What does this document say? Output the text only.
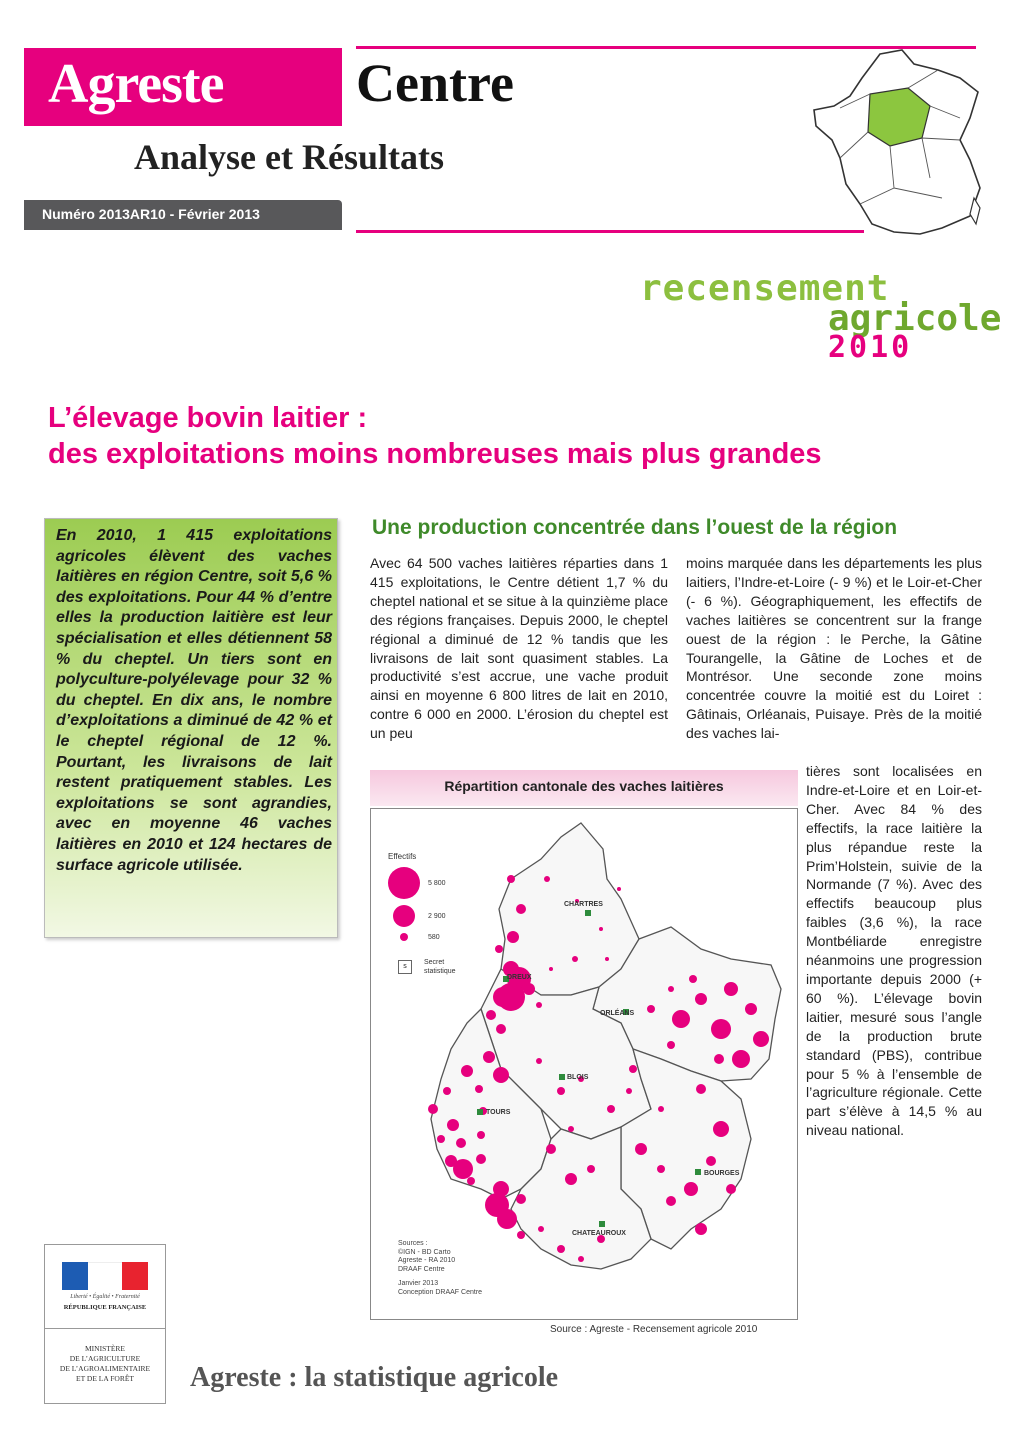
Agreste Centre
Analyse et Résultats
Numéro 2013AR10 - Février 2013
recensement
agricole
2010
L’élevage bovin laitier :
des exploitations moins nombreuses mais plus grandes
En 2010, 1 415 exploitations agricoles élèvent des vaches laitières en région Centre, soit 5,6 % des exploitations. Pour 44 % d’entre elles la production laitière est leur spécialisation et elles détiennent 58 % du cheptel. Un tiers sont en polyculture-polyélevage pour 32 % du cheptel. En dix ans, le nombre d’exploitations a diminué de 42 % et le cheptel régional de 12 %. Pourtant, les livraisons de lait restent pratiquement stables. Les exploitations se sont agrandies, avec en moyenne 46 vaches laitières en 2010 et 124 hectares de surface agricole utilisée.
Une production concentrée dans l’ouest de la région
Avec 64 500 vaches laitières réparties dans 1 415 exploitations, le Centre détient 1,7 % du cheptel national et se situe à la quinzième place des régions françaises. Depuis 2000, le cheptel régional a diminué de 12 % tandis que les livraisons de lait sont quasiment stables. La productivité s’est accrue, une vache produit ainsi en moyenne 6 800 litres de lait en 2010, contre 6 000 en 2000. L’érosion du cheptel est un peu
moins marquée dans les départements les plus laitiers, l’Indre-et-Loire (- 9 %) et le Loir-et-Cher (- 6 %). Géographiquement, les effectifs de vaches laitières se concentrent sur la frange ouest de la région : le Perche, la Gâtine Tourangelle, la Gâtine de Loches et de Montrésor. Une seconde zone moins concentrée couvre la moitié est du Loiret : Gâtinais, Orléanais, Puisaye. Près de la moitié des vaches lai-
tières sont localisées en Indre-et-Loire et en Loir-et-Cher. Avec 84 % des effectifs, la race laitière la plus répandue reste la Prim’Holstein, suivie de la Normande (7 %). Avec des effectifs beaucoup plus faibles (3,6 %), la race Montbéliarde enregistre néanmoins une progression importante depuis 2000 (+ 60 %). L’élevage bovin laitier, mesuré sous l’angle de la production brute standard (PBS), contribue pour 5 % à l’ensemble de l’agriculture régionale. Cette part s’élève à 14,5 % au niveau national.
Répartition cantonale des vaches laitières
CHARTRES
DREUX
ORLÉANS
BLOIS
TOURS
BOURGES
CHATEAUROUX
Effectifs
5 800
2 900
580
s
Secret statistique
Sources :
©IGN - BD Carto
Agreste - RA 2010
DRAAF Centre
Janvier 2013
Conception DRAAF Centre
Source : Agreste - Recensement agricole 2010
Liberté • Égalité • Fraternité
RÉPUBLIQUE FRANÇAISE
MINISTÈRE
DE L’AGRICULTURE
DE L’AGROALIMENTAIRE
ET DE LA FORÊT	Agreste : la statistique agricole
